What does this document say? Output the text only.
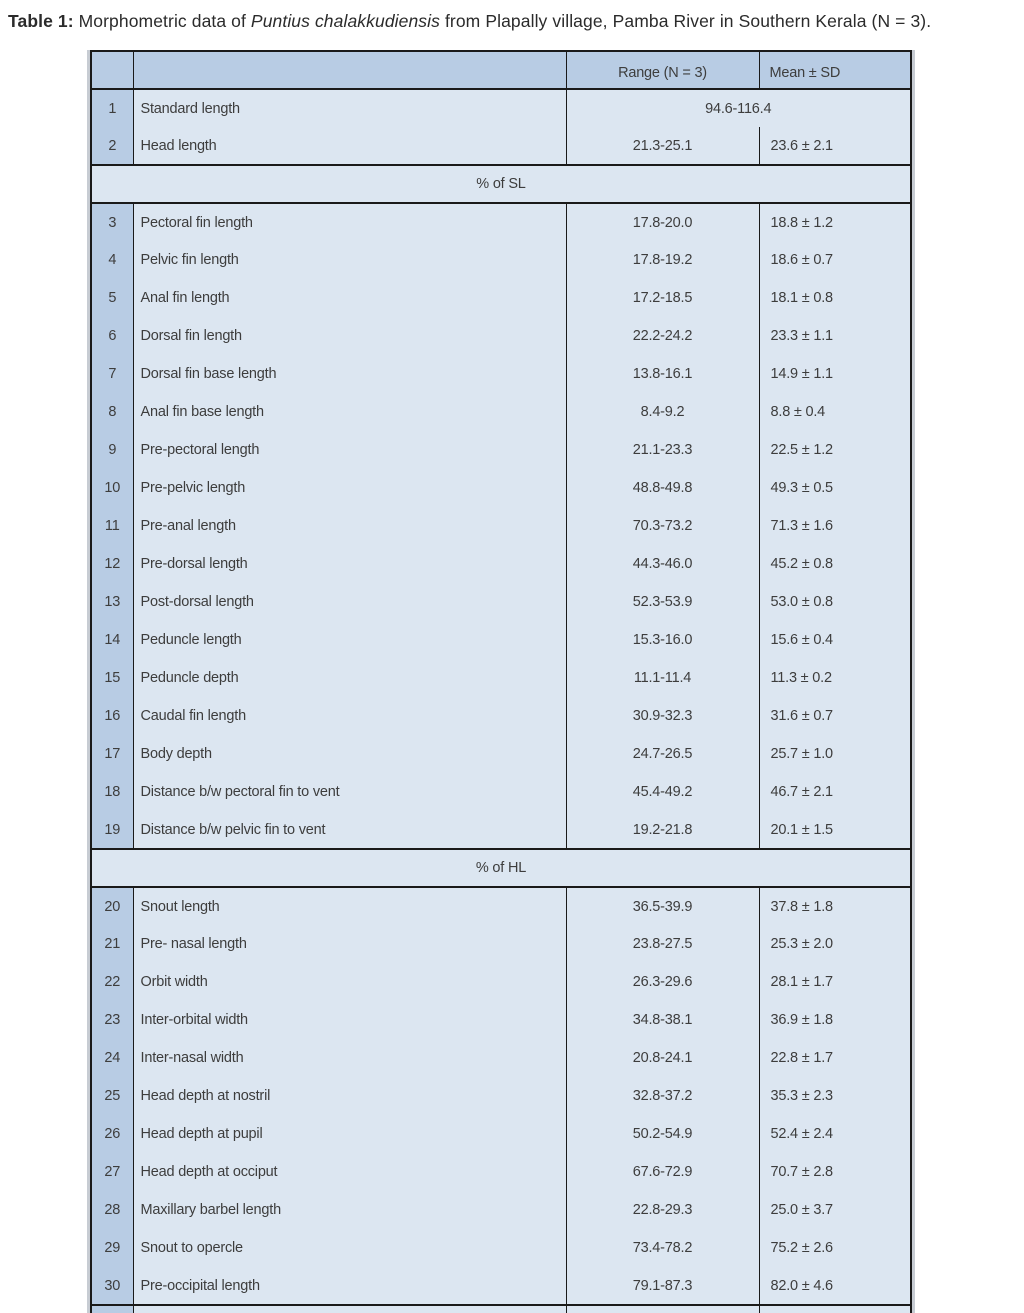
Table 1: Morphometric data of Puntius chalakkudiensis from Plapally village, Pamba River in Southern Kerala (N = 3).

		Range (N = 3)	Mean ± SD
1	Standard length	94.6-116.4	
2	Head length	21.3-25.1	23.6 ± 2.1
% of SL			
3	Pectoral fin length	17.8-20.0	18.8 ± 1.2
4	Pelvic fin length	17.8-19.2	18.6 ± 0.7
5	Anal fin length	17.2-18.5	18.1 ± 0.8
6	Dorsal fin length	22.2-24.2	23.3 ± 1.1
7	Dorsal fin base length	13.8-16.1	14.9 ± 1.1
8	Anal fin base length	8.4-9.2	8.8 ± 0.4
9	Pre-pectoral length	21.1-23.3	22.5 ± 1.2
10	Pre-pelvic length	48.8-49.8	49.3 ± 0.5
11	Pre-anal length	70.3-73.2	71.3 ± 1.6
12	Pre-dorsal length	44.3-46.0	45.2 ± 0.8
13	Post-dorsal length	52.3-53.9	53.0 ± 0.8
14	Peduncle length	15.3-16.0	15.6 ± 0.4
15	Peduncle depth	11.1-11.4	11.3 ± 0.2
16	Caudal fin length	30.9-32.3	31.6 ± 0.7
17	Body depth	24.7-26.5	25.7 ± 1.0
18	Distance b/w pectoral fin to vent	45.4-49.2	46.7 ± 2.1
19	Distance b/w pelvic fin to vent	19.2-21.8	20.1 ± 1.5
% of HL			
20	Snout length	36.5-39.9	37.8 ± 1.8
21	Pre- nasal length	23.8-27.5	25.3 ± 2.0
22	Orbit width	26.3-29.6	28.1 ± 1.7
23	Inter-orbital width	34.8-38.1	36.9 ± 1.8
24	Inter-nasal width	20.8-24.1	22.8 ± 1.7
25	Head depth at nostril	32.8-37.2	35.3 ± 2.3
26	Head depth at pupil	50.2-54.9	52.4 ± 2.4
27	Head depth at occiput	67.6-72.9	70.7 ± 2.8
28	Maxillary barbel length	22.8-29.3	25.0 ± 3.7
29	Snout to opercle	73.4-78.2	75.2 ± 2.6
30	Pre-occipital length	79.1-87.3	82.0 ± 4.6
